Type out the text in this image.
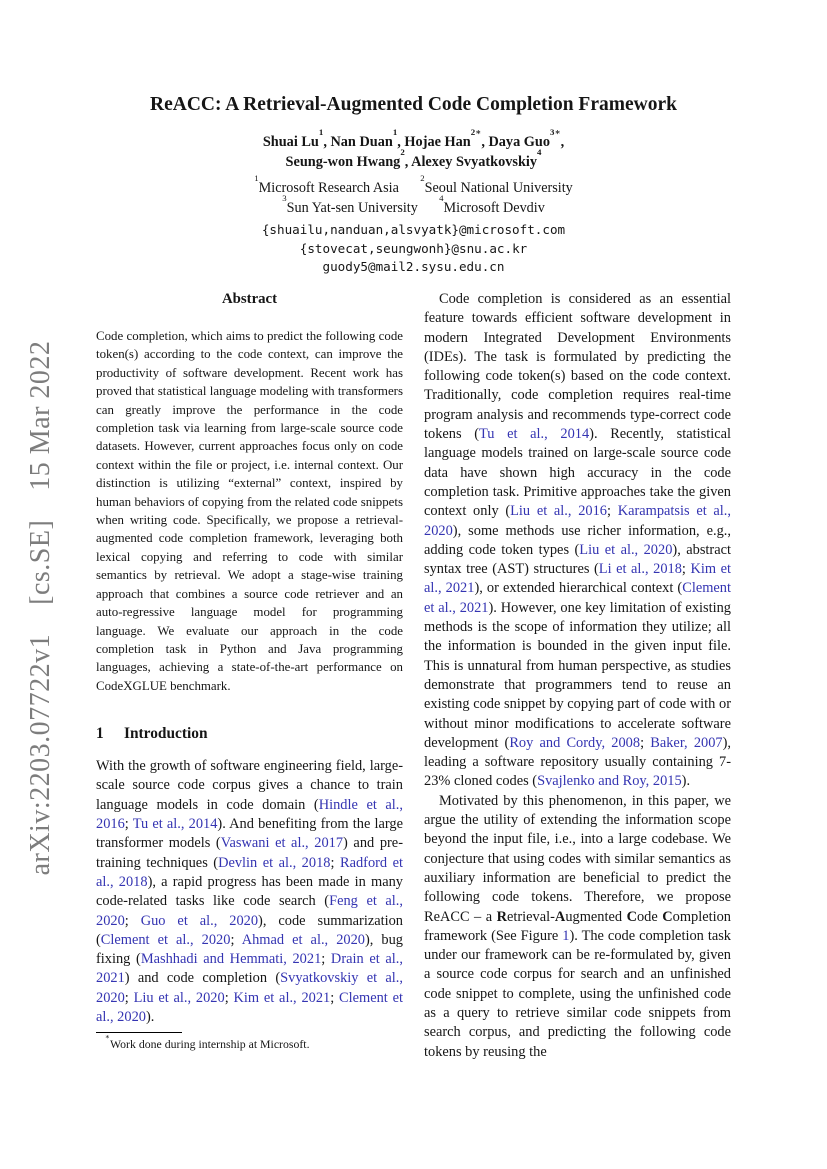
arXiv:2203.07722v1  [cs.SE]  15 Mar 2022
ReACC: A Retrieval-Augmented Code Completion Framework
Shuai Lu$^1$, Nan Duan$^1$, Hojae Han$^{2∗}$, Daya Guo$^{3∗}$,
Seung-won Hwang$^2$, Alexey Svyatkovskiy$^4$
$^1$Microsoft Research Asia   $^2$Seoul National University
$^3$Sun Yat-sen University   $^4$Microsoft Devdiv
{shuailu,nanduan,alsvyatk}@microsoft.com
{stovecat,seungwonh}@snu.ac.kr
guody5@mail2.sysu.edu.cn
Abstract

Code completion, which aims to predict the following code token(s) according to the code context, can improve the productivity of software development. Recent work has proved that statistical language modeling with transformers can greatly improve the performance in the code completion task via learning from large-scale source code datasets. However, current approaches focus only on code context within the file or project, i.e. internal context. Our distinction is utilizing “external” context, inspired by human behaviors of copying from the related code snippets when writing code. Specifically, we propose a retrieval-augmented code completion framework, leveraging both lexical copying and referring to code with similar semantics by retrieval. We adopt a stage-wise training approach that combines a source code retriever and an auto-regressive language model for programming language. We evaluate our approach in the code completion task in Python and Java programming languages, achieving a state-of-the-art performance on CodeXGLUE benchmark.

1 Introduction

With the growth of software engineering field, large-scale source code corpus gives a chance to train language models in code domain (Hindle et al., 2016; Tu et al., 2014). And benefiting from the large transformer models (Vaswani et al., 2017) and pre-training techniques (Devlin et al., 2018; Radford et al., 2018), a rapid progress has been made in many code-related tasks like code search (Feng et al., 2020; Guo et al., 2020), code summarization (Clement et al., 2020; Ahmad et al., 2020), bug fixing (Mashhadi and Hemmati, 2021; Drain et al., 2021) and code completion (Svyatkovskiy et al., 2020; Liu et al., 2020; Kim et al., 2021; Clement et al., 2020).

∗Work done during internship at Microsoft.

Code completion is considered as an essential feature towards efficient software development in modern Integrated Development Environments (IDEs). The task is formulated by predicting the following code token(s) based on the code context. Traditionally, code completion requires real-time program analysis and recommends type-correct code tokens (Tu et al., 2014). Recently, statistical language models trained on large-scale source code data have shown high accuracy in the code completion task. Primitive approaches take the given context only (Liu et al., 2016; Karampatsis et al., 2020), some methods use richer information, e.g., adding code token types (Liu et al., 2020), abstract syntax tree (AST) structures (Li et al., 2018; Kim et al., 2021), or extended hierarchical context (Clement et al., 2021). However, one key limitation of existing methods is the scope of information they utilize; all the information is bounded in the given input file. This is unnatural from human perspective, as studies demonstrate that programmers tend to reuse an existing code snippet by copying part of code with or without minor modifications to accelerate software development (Roy and Cordy, 2008; Baker, 2007), leading a software repository usually containing 7-23% cloned codes (Svajlenko and Roy, 2015).

Motivated by this phenomenon, in this paper, we argue the utility of extending the information scope beyond the input file, i.e., into a large codebase. We conjecture that using codes with similar semantics as auxiliary information are beneficial to predict the following code tokens. Therefore, we propose ReACC – a Retrieval-Augmented Code Completion framework (See Figure 1). The code completion task under our framework can be re-formulated by, given a source code corpus for search and an unfinished code snippet to complete, using the unfinished code as a query to retrieve similar code snippets from search corpus, and predicting the following code tokens by reusing the
